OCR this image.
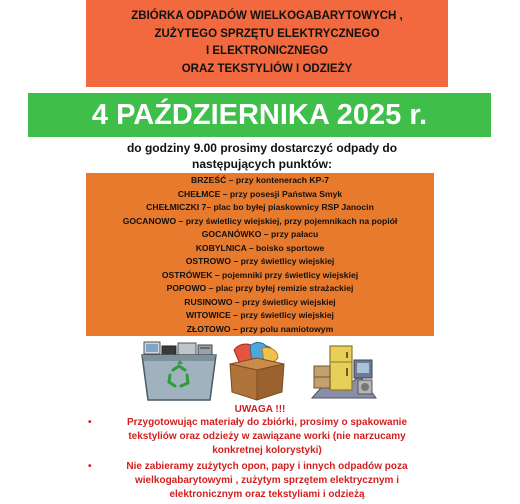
ZBIÓRKA ODPADÓW WIELKOGABARYTOWYCH ,
ZUŻYTEGO SPRZĘTU ELEKTRYCZNEGO
I ELEKTRONICZNEGO
ORAZ TEKSTYLIÓW I ODZIEŻY
4 PAŹDZIERNIKA 2025 r.
do godziny 9.00 prosimy dostarczyć odpady do
następujących punktów:
BRZEŚĆ – przy kontenerach KP-7
CHEŁMCE – przy posesji Państwa Smyk
CHEŁMICZKI 7– plac bo byłej piaskownicy RSP Janocin
GOCANOWO – przy świetlicy wiejskiej, przy pojemnikach na popiół
GOCANÓWKO – przy pałacu
KOBYLNICA – boisko sportowe
OSTROWO – przy świetlicy wiejskiej
OSTRÓWEK – pojemniki przy świetlicy wiejskiej
POPOWO – plac przy byłej remizie strażackiej
RUSINOWO – przy świetlicy wiejskiej
WITOWICE – przy świetlicy wiejskiej
ZŁOTOWO – przy polu namiotowym
UWAGA !!!
•	Przygotowując materiały do zbiórki, prosimy o spakowanie
tekstyliów oraz odzieży w zawiązane worki (nie narzucamy
konkretnej kolorystyki)
•	Nie zabieramy zużytych opon, papy i innych odpadów poza
wielkogabarytowymi , zużytym sprzętem elektrycznym i
elektronicznym oraz tekstyliami i odzieżą
